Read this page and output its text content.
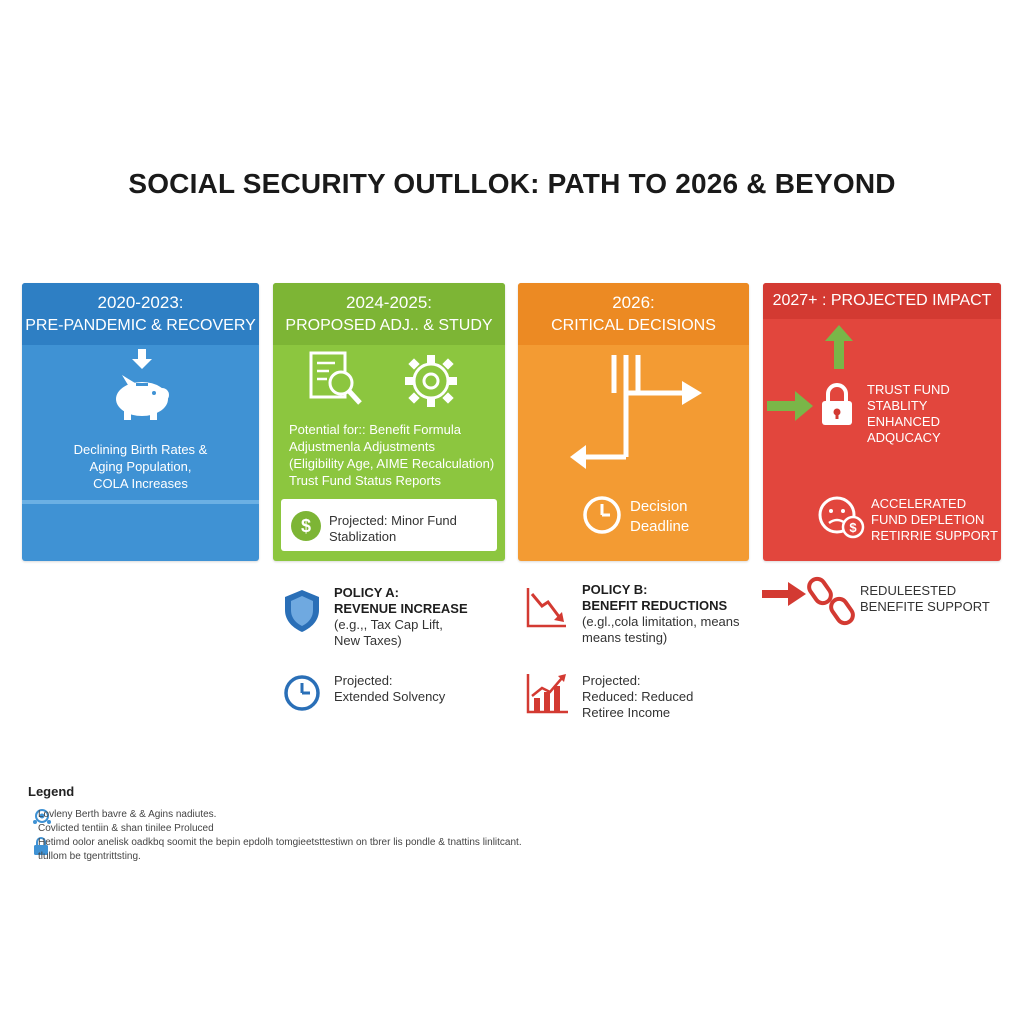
SOCIAL SECURITY OUTLLOK: PATH TO 2026 & BEYOND
2020-2023:
PRE-PANDEMIC & RECOVERY
Declining Birth Rates &
Aging Population,
COLA Increases
2024-2025:
PROPOSED ADJ.. & STUDY
Potential for:: Benefit Formula
Adjustmenla Adjustments
(Eligibility Age, AIME Recalculation)
Trust Fund Status Reports
$	Projected: Minor Fund
Stablization
2026:
CRITICAL DECISIONS
Decision
Deadline
2027+ : PROJECTED IMPACT
TRUST FUND STABLITY
ENHANCED
ADQUCACY
$
ACCELERATED
FUND DEPLETION
RETIRRIE SUPPORT
POLICY A:
REVENUE INCREASE
(e.g.,, Tax Cap Lift,
New Taxes)
Projected:
Extended Solvency
POLICY B:
BENEFIT REDUCTIONS
(e.gl.,cola limitation, means
means testing)
Projected:
Reduced: Reduced
Retiree Income
REDULEESTED
BENEFITE SUPPORT
Legend
Lovleny Berth bavre & & Agins nadiutes.
Covlicted tentiin & shan tinilee Proluced
Hetimd oolor anelisk oadkbq soomit the bepin epdolh tomgieetsttestiwn on tbrer lis pondle & tnattins linlitcant.
tlullom be tgentrittsting.
